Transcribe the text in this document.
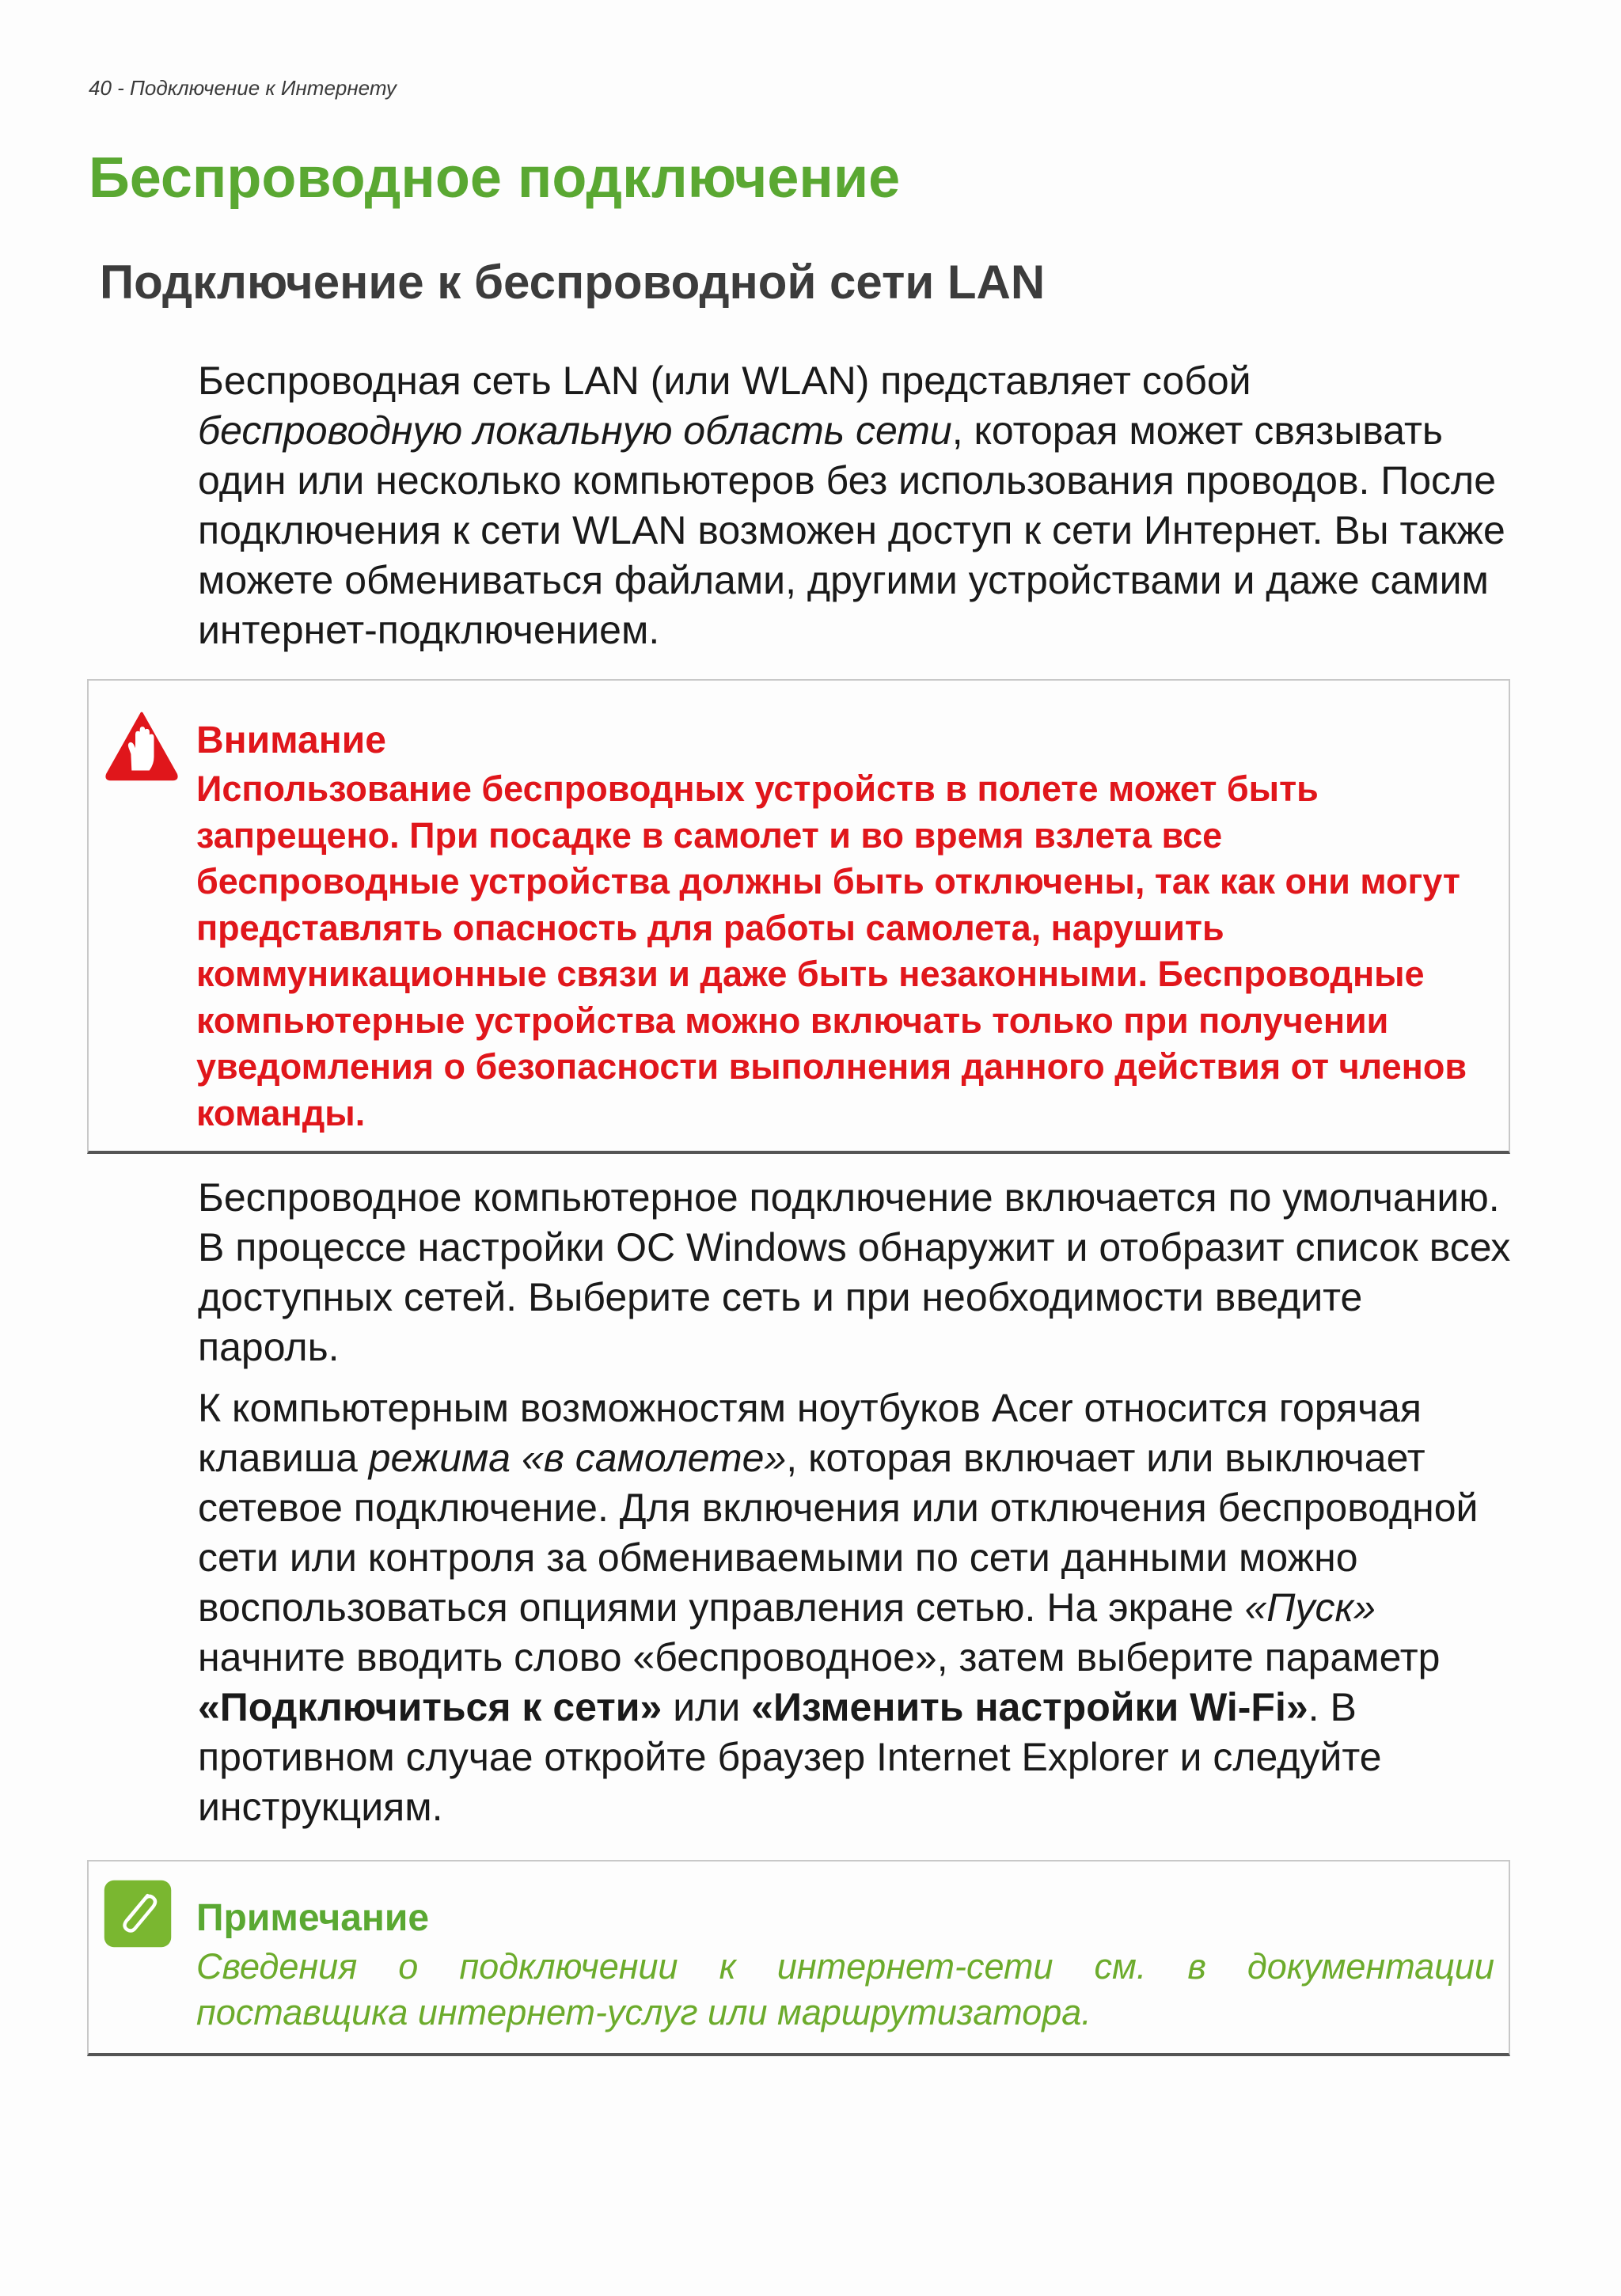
40 - Подключение к Интернету
Беспроводное подключение
Подключение к беспроводной сети LAN

Беспроводная сеть LAN (или WLAN) представляет собой беспроводную локальную область сети, которая может связывать один или несколько компьютеров без использования проводов. После подключения к сети WLAN возможен доступ к сети Интернет. Вы также можете обмениваться файлами, другими устройствами и даже самим интернет-подключением.

Внимание

Использование беспроводных устройств в полете может быть запрещено. При посадке в самолет и во время взлета все беспроводные устройства должны быть отключены, так как они могут представлять опасность для работы самолета, нарушить коммуникационные связи и даже быть незаконными. Беспроводные компьютерные устройства можно включать только при получении уведомления о безопасности выполнения данного действия от членов команды.

Беспроводное компьютерное подключение включается по умолчанию. В процессе настройки ОС Windows обнаружит и отобразит список всех доступных сетей. Выберите сеть и при необходимости введите пароль.

К компьютерным возможностям ноутбуков Acer относится горячая клавиша режима «в самолете», которая включает или выключает сетевое подключение. Для включения или отключения беспроводной сети или контроля за обмениваемыми по сети данными можно воспользоваться опциями управления сетью. На экране «Пуск» начните вводить слово «беспроводное», затем выберите параметр «Подключиться к сети» или «Изменить настройки Wi-Fi». В противном случае откройте браузер Internet Explorer и следуйте инструкциям.

Примечание

Сведения о подключении к интернет-сети см. в документации поставщика интернет-услуг или маршрутизатора.
